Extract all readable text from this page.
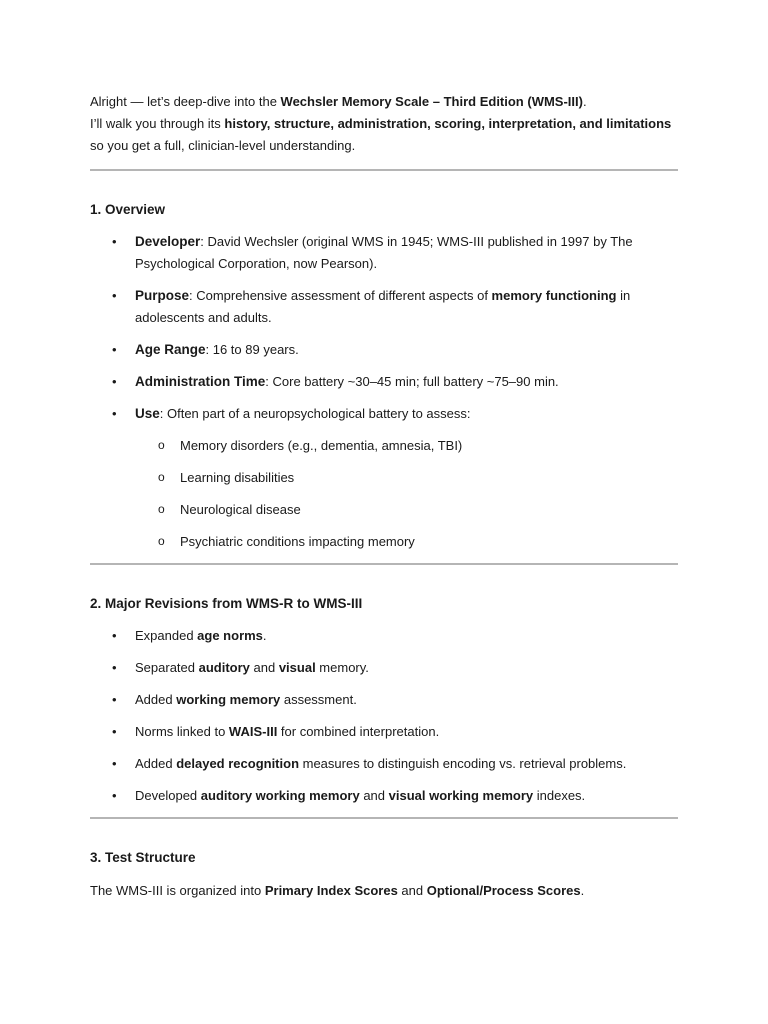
Alright — let’s deep-dive into the Wechsler Memory Scale – Third Edition (WMS-III).
I’ll walk you through its history, structure, administration, scoring, interpretation, and limitations so you get a full, clinician-level understanding.

1. Overview
• Developer: David Wechsler (original WMS in 1945; WMS-III published in 1997 by The Psychological Corporation, now Pearson).
• Purpose: Comprehensive assessment of different aspects of memory functioning in adolescents and adults.
• Age Range: 16 to 89 years.
• Administration Time: Core battery ~30–45 min; full battery ~75–90 min.
• Use: Often part of a neuropsychological battery to assess:
o Memory disorders (e.g., dementia, amnesia, TBI)
o Learning disabilities
o Neurological disease
o Psychiatric conditions impacting memory
2. Major Revisions from WMS-R to WMS-III
• Expanded age norms.
• Separated auditory and visual memory.
• Added working memory assessment.
• Norms linked to WAIS-III for combined interpretation.
• Added delayed recognition measures to distinguish encoding vs. retrieval problems.
• Developed auditory working memory and visual working memory indexes.
3. Test Structure

The WMS-III is organized into Primary Index Scores and Optional/Process Scores.
